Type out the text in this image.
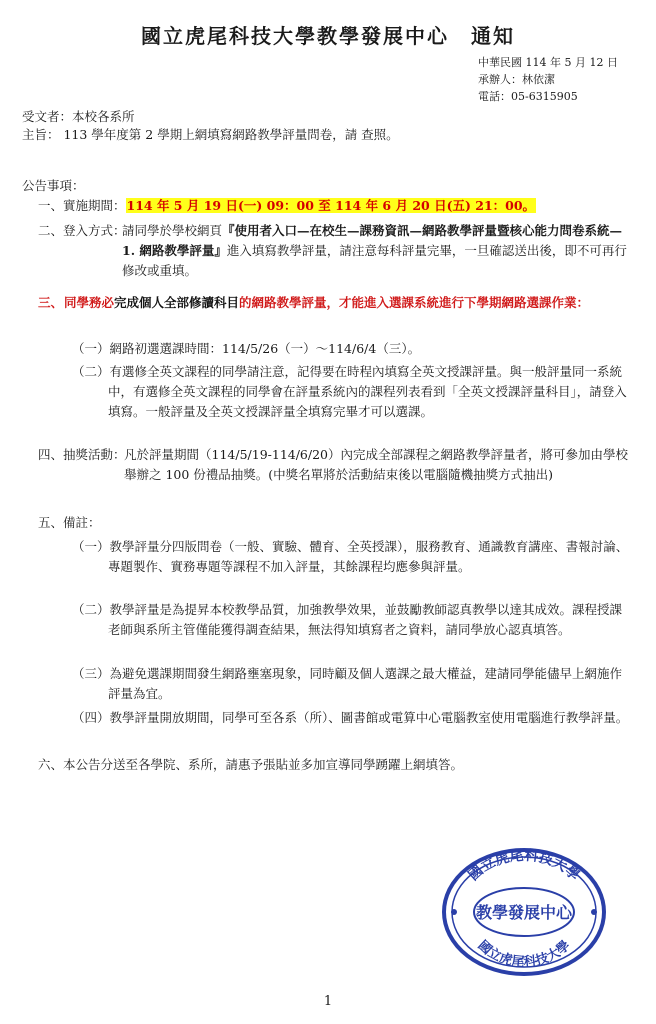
國立虎尾科技大學教學發展中心　通知
中華民國 114 年 5 月 12 日
承辦人：林依潔
電話：05-6315905
受文者：本校各系所
主旨： 113 學年度第 2 學期上網填寫網路教學評量問卷，請 查照。
公告事項：
一、實施期間：114 年 5 月 19 日(一) 09：00 至 114 年 6 月 20 日(五) 21：00。
二、登入方式：
請同學於學校網頁『使用者入口—在校生—課務資訊—網路教學評量暨核心能力問卷系統— 1. 網路教學評量』進入填寫教學評量，請注意每科評量完畢，一旦確認送出後，即不可再行修改或重填。
三、 同學務必完成個人全部修讀科目的網路教學評量，才能進入選課系統進行下學期網路選課作業：
（一）網路初選選課時間：114/5/26（一）～114/6/4（三）。
（二）有選修全英文課程的同學請注意，記得要在時程內填寫全英文授課評量。與一般評量同一系統中，有選修全英文課程的同學會在評量系統內的課程列表看到「全英文授課評量科目」，請登入填寫。一般評量及全英文授課評量全填寫完畢才可以選課。
四、抽獎活動：
凡於評量期間（114/5/19-114/6/20）內完成全部課程之網路教學評量者，將可參加由學校舉辦之 100 份禮品抽獎。(中獎名單將於活動結束後以電腦隨機抽獎方式抽出)
五、備註：
（一）教學評量分四版問卷（一般、實驗、體育、全英授課），服務教育、通識教育講座、書報討論、專題製作、實務專題等課程不加入評量，其餘課程均應參與評量。
（二）教學評量是為提昇本校教學品質，加強教學效果，並鼓勵教師認真教學以達其成效。課程授課老師與系所主管僅能獲得調查結果，無法得知填寫者之資料，請同學放心認真填答。
（三）為避免選課期間發生網路壅塞現象，同時顧及個人選課之最大權益，建請同學能儘早上網施作評量為宜。
（四）教學評量開放期間，同學可至各系（所）、圖書館或電算中心電腦教室使用電腦進行教學評量。
六、本公告分送至各學院、系所，請惠予張貼並多加宣導同學踴躍上網填答。
國立虎尾科技大學
國立虎尾科技大學
教學發展中心
1
